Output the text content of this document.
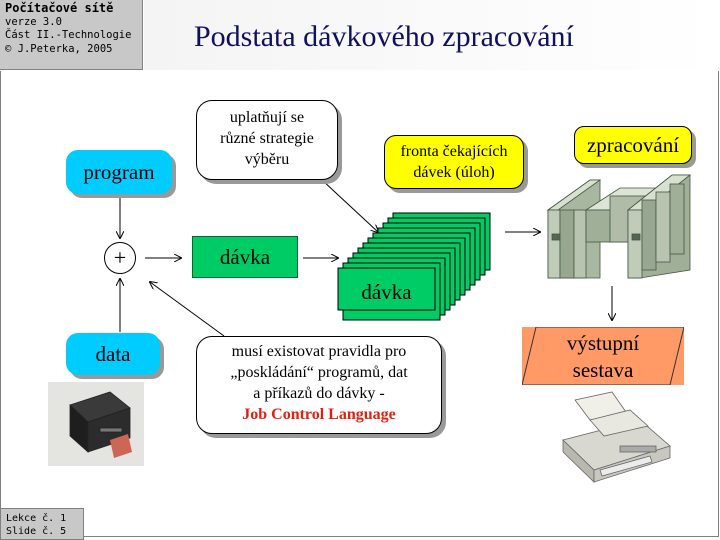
Počítačové sítě
verze 3.0
Část II.-Technologie
© J.Peterka, 2005	Podstata dávkového zpracování
program
data
+	dávka
dávka
uplatňují se
různé strategie
výběru	fronta čekajících
dávek (úloh)
zpracování
výstupní
sestava
musí existovat pravidla pro
„poskládání“ programů, dat
a příkazů do dávky -
Job Control Language
Lekce č. 1
Slide č. 5
